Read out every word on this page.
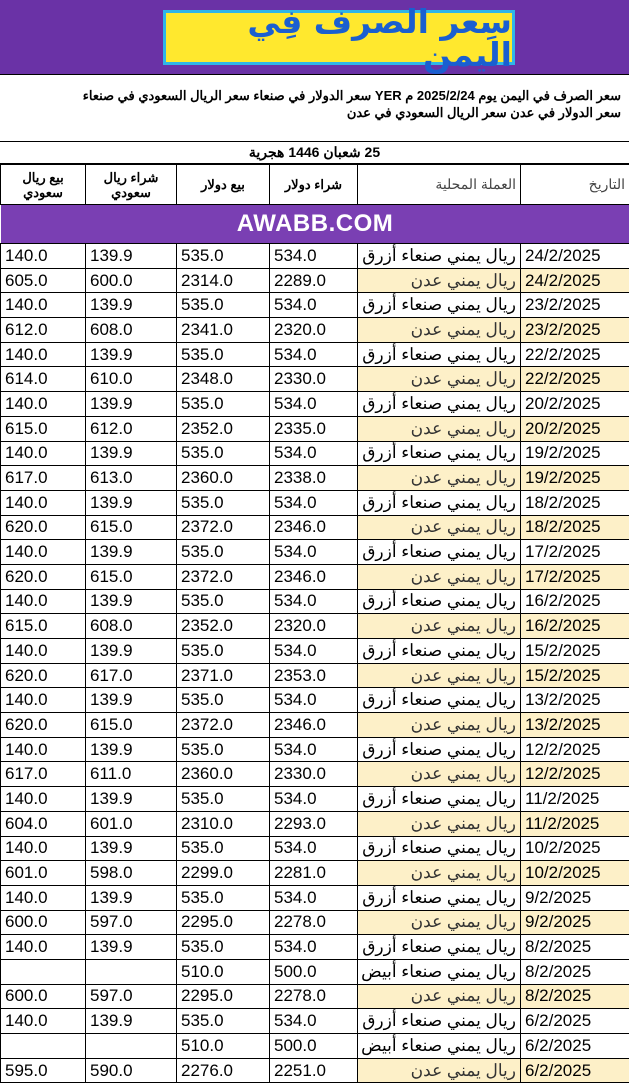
سِعر الصرف فِي اليمن
سعر الصرف في اليمن يوم 2025/2/24 م YER سعر الدولار في صنعاء سعر الريال السعودي في صنعاء
سعر الدولار في عدن سعر الريال السعودي في عدن
25 شعبان 1446 هجرية
التاريخ	العملة المحلية	شراء دولار	بيع دولار	شراء ريال سعودي	بيع ريال سعودي
AWABB.COM					
24/2/2025	ريال يمني صنعاء أزرق	534.0	535.0	139.9	140.0
24/2/2025	ريال يمني عدن	2289.0	2314.0	600.0	605.0
23/2/2025	ريال يمني صنعاء أزرق	534.0	535.0	139.9	140.0
23/2/2025	ريال يمني عدن	2320.0	2341.0	608.0	612.0
22/2/2025	ريال يمني صنعاء أزرق	534.0	535.0	139.9	140.0
22/2/2025	ريال يمني عدن	2330.0	2348.0	610.0	614.0
20/2/2025	ريال يمني صنعاء أزرق	534.0	535.0	139.9	140.0
20/2/2025	ريال يمني عدن	2335.0	2352.0	612.0	615.0
19/2/2025	ريال يمني صنعاء أزرق	534.0	535.0	139.9	140.0
19/2/2025	ريال يمني عدن	2338.0	2360.0	613.0	617.0
18/2/2025	ريال يمني صنعاء أزرق	534.0	535.0	139.9	140.0
18/2/2025	ريال يمني عدن	2346.0	2372.0	615.0	620.0
17/2/2025	ريال يمني صنعاء أزرق	534.0	535.0	139.9	140.0
17/2/2025	ريال يمني عدن	2346.0	2372.0	615.0	620.0
16/2/2025	ريال يمني صنعاء أزرق	534.0	535.0	139.9	140.0
16/2/2025	ريال يمني عدن	2320.0	2352.0	608.0	615.0
15/2/2025	ريال يمني صنعاء أزرق	534.0	535.0	139.9	140.0
15/2/2025	ريال يمني عدن	2353.0	2371.0	617.0	620.0
13/2/2025	ريال يمني صنعاء أزرق	534.0	535.0	139.9	140.0
13/2/2025	ريال يمني عدن	2346.0	2372.0	615.0	620.0
12/2/2025	ريال يمني صنعاء أزرق	534.0	535.0	139.9	140.0
12/2/2025	ريال يمني عدن	2330.0	2360.0	611.0	617.0
11/2/2025	ريال يمني صنعاء أزرق	534.0	535.0	139.9	140.0
11/2/2025	ريال يمني عدن	2293.0	2310.0	601.0	604.0
10/2/2025	ريال يمني صنعاء أزرق	534.0	535.0	139.9	140.0
10/2/2025	ريال يمني عدن	2281.0	2299.0	598.0	601.0
9/2/2025	ريال يمني صنعاء أزرق	534.0	535.0	139.9	140.0
9/2/2025	ريال يمني عدن	2278.0	2295.0	597.0	600.0
8/2/2025	ريال يمني صنعاء أزرق	534.0	535.0	139.9	140.0
8/2/2025	ريال يمني صنعاء أبيض	500.0	510.0		
8/2/2025	ريال يمني عدن	2278.0	2295.0	597.0	600.0
6/2/2025	ريال يمني صنعاء أزرق	534.0	535.0	139.9	140.0
6/2/2025	ريال يمني صنعاء أبيض	500.0	510.0		
6/2/2025	ريال يمني عدن	2251.0	2276.0	590.0	595.0
